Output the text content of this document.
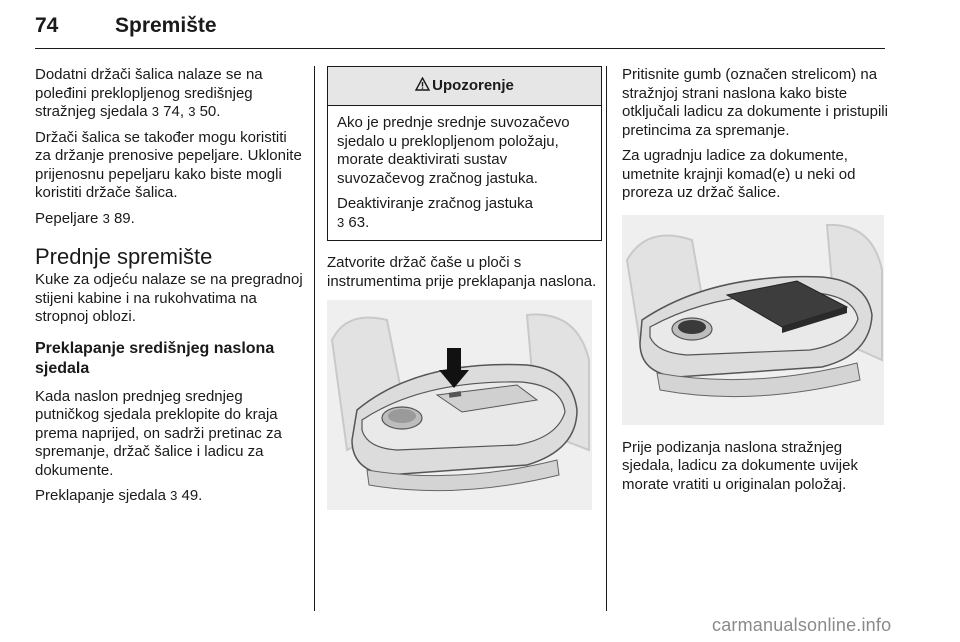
74	Spremište

Dodatni držači šalica nalaze se na poleđini preklopljenog središnjeg stražnjeg sjedala 3 74, 3 50.

Držači šalica se također mogu koristiti za držanje prenosive pepeljare. Uklonite prijenosnu pepeljaru kako biste mogli koristiti držače šalica.

Pepeljare 3 89.

Prednje spremište

Kuke za odjeću nalaze se na pregradnoj stijeni kabine i na rukohvatima na stropnoj oblozi.

Preklapanje središnjeg naslona sjedala

Kada naslon prednjeg srednjeg putničkog sjedala preklopite do kraja prema naprijed, on sadrži pretinac za spremanje, držač šalice i ladicu za dokumente.

Preklapanje sjedala 3 49.

Upozorenje

Ako je prednje srednje suvozačevo sjedalo u preklopljenom položaju, morate deaktivirati sustav suvozačevog zračnog jastuka.

Deaktiviranje zračnog jastuka
3 63.

Zatvorite držač čaše u ploči s instrumentima prije preklapanja naslona.

Pritisnite gumb (označen strelicom) na stražnjoj strani naslona kako biste otključali ladicu za dokumente i pristupili pretincima za spremanje.

Za ugradnju ladice za dokumente, umetnite krajnji komad(e) u neki od proreza uz držač šalice.

Prije podizanja naslona stražnjeg sjedala, ladicu za dokumente uvijek morate vratiti u originalan položaj.

carmanualsonline.info
